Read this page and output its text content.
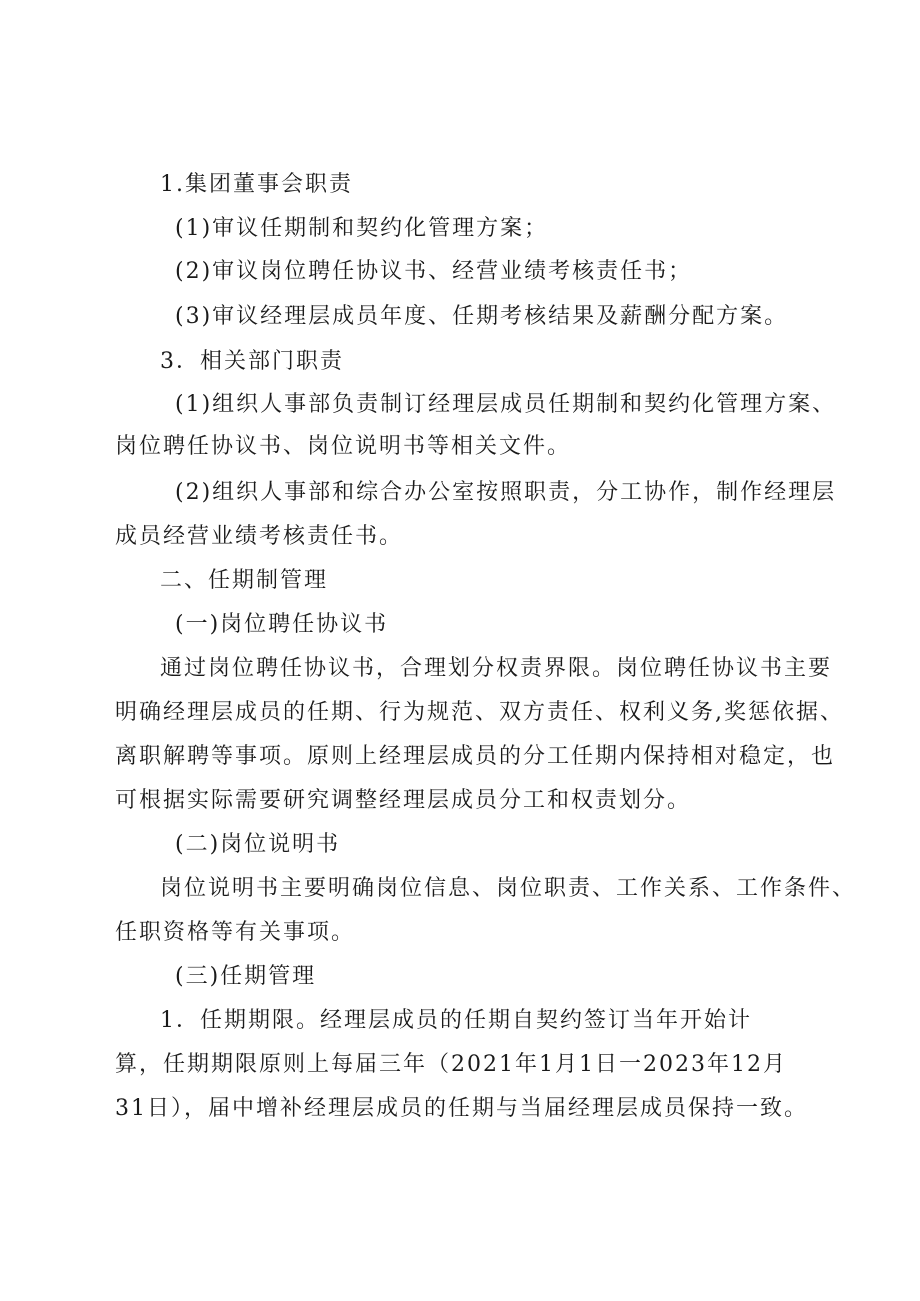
1.集团董事会职责
(1)审议任期制和契约化管理方案；
(2)审议岗位聘任协议书、经营业绩考核责任书；
(3)审议经理层成员年度、任期考核结果及薪酬分配方案。
3．相关部门职责
(1)组织人事部负责制订经理层成员任期制和契约化管理方案、
岗位聘任协议书、岗位说明书等相关文件。
(2)组织人事部和综合办公室按照职责，分工协作，制作经理层
成员经营业绩考核责任书。
二、任期制管理
(一)岗位聘任协议书
通过岗位聘任协议书，合理划分权责界限。岗位聘任协议书主要
明确经理层成员的任期、行为规范、双方责任、权利义务,奖惩依据、
离职解聘等事项。原则上经理层成员的分工任期内保持相对稳定，也
可根据实际需要研究调整经理层成员分工和权责划分。
(二)岗位说明书
岗位说明书主要明确岗位信息、岗位职责、工作关系、工作条件、
任职资格等有关事项。
(三)任期管理
1．任期期限。经理层成员的任期自契约签订当年开始计
算，任期期限原则上每届三年（2021年1月1日一2023年12月
31日），届中增补经理层成员的任期与当届经理层成员保持一致。
